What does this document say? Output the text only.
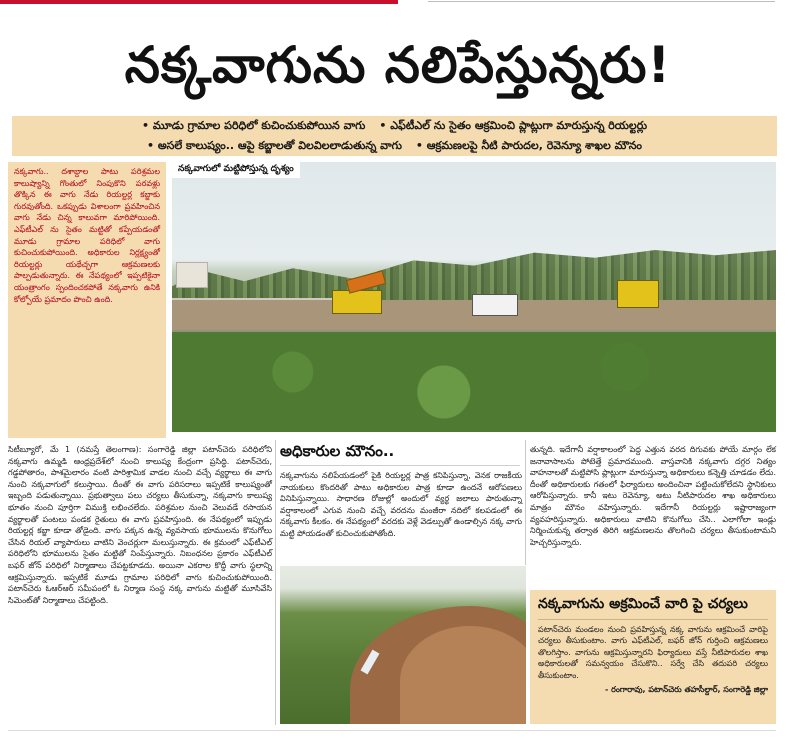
నక్కవాగును నలిపేస్తున్నరు!
• మూడు గ్రామాల పరిధిలో కుచించుకుపోయిన వాగు • ఎఫ్‌టీఎల్ ను సైతం ఆక్రమించి ప్లాట్లుగా మారుస్తున్న రియల్టర్లు
• అసలే కాలుష్యం.. ఆపై కబ్జాలతో విలవిలలాడుతున్న వాగు • ఆక్రమణలపై నీటి పారుదల, రెవెన్యూ శాఖల మౌనం

నక్కవాగు.. దశాబ్దాల పాటు పరిశ్రమల కాలుష్యాన్ని గొంతులో నింపుకొని పరవళ్లు తొక్కిన ఈ వాగు నేడు రియల్టర్ల కబ్జాకు గురవుతోంది. ఒకప్పుడు విశాలంగా ప్రవహించిన వాగు నేడు చిన్న కాలువగా మారిపోయింది. ఎఫ్‌టీఎల్ ను సైతం మట్టితో కప్పేయడంతో మూడు గ్రామాల పరిధిలో వాగు కుచించుకుపోయింది. అధికారుల నిర్లక్ష్యంతో రియల్టర్లు యథేచ్ఛగా ఆక్రమణలకు పాల్పడుతున్నారు. ఈ నేపథ్యంలో ఇప్పటికైనా యంత్రాంగం స్పందించకపోతే నక్కవాగు ఉనికి కోల్పోయే ప్రమాదం పొంచి ఉంది.

నక్కవాగులో మట్టిపోస్తున్న దృశ్యం

సిటీబ్యూరో, మే 1 (నమస్తే తెలంగాణ): సంగారెడ్డి జిల్లా పటాన్‌చెరు పరిధిలోని నక్కవాగు ఉమ్మడి ఆంధ్రప్రదేశ్‌లో నుంచి కాలుష్య కేంద్రంగా ప్రసిద్ధి. పటాన్‌చెరు, గడ్డపోతారం, పాశమైలారం వంటి పారిశ్రామిక వాడల నుంచి వచ్చే వ్యర్థాలు ఈ వాగు నుంచి నక్కవాగులో కలుస్తాయి. దీంతో ఈ వాగు పరిసరాలు ఇప్పటికే కాలుష్యంతో ఇబ్బంది పడుతున్నాయి. ప్రభుత్వాలు పలు చర్యలు తీసుకున్నా, నక్కవాగు కాలుష్య భూతం నుంచి పూర్తిగా విముక్తి లభించలేదు. పరిశ్రమల నుంచి వెలువడే రసాయన వ్యర్థాలతో పంటలు పండక రైతులు ఈ వాగు ప్రవహిస్తుంది. ఈ నేపథ్యంలో ఇప్పుడు రియల్టర్ల కబ్జా కూడా తోడైంది. వాగు పక్కన ఉన్న వ్యవసాయ భూములను కొనుగోలు చేసిన రియల్ వ్యాపారులు వాటిని వెంచర్లుగా మలుస్తున్నారు. ఈ క్రమంలో ఎఫ్‌టీఎల్ పరిధిలోని భూములను సైతం మట్టితో నింపేస్తున్నారు. నిబంధనల ప్రకారం ఎఫ్‌టీఎల్ బఫర్ జోన్ పరిధిలో నిర్మాణాలు చేపట్టకూడదు. అయినా ఎకరాల కొద్దీ వాగు స్థలాన్ని ఆక్రమిస్తున్నారు. ఇప్పటికే మూడు గ్రామాల పరిధిలో వాగు కుచించుకుపోయింది. పటాన్‌చెరు ఓఆర్ఆర్ సమీపంలో ఓ నిర్మాణ సంస్థ నక్క వాగును మట్టితో మూసివేసి సిమెంట్‌తో నిర్మాణాలు చేపట్టింది.

అధికారుల మౌనం..

నక్కవాగును నలిపేయడంలో పైకి రియల్టర్ల పాత్ర కనిపిస్తున్నా, వెనక రాజకీయ నాయకులు కొందరితో పాటు అధికారుల పాత్ర కూడా ఉందనే ఆరోపణలు వినిపిస్తున్నాయి. సాధారణ రోజుల్లో అందులో వ్యర్థ జలాలు పారుతున్నా వర్షాకాలంలో ఎగువ నుంచి వచ్చే వరదను మంజీరా నదిలో కలపడంలో ఈ నక్కవాగు కీలకం. ఈ నేపథ్యంలో వరదకు వెళ్లే వెడల్పుతో ఉండాల్సిన నక్క వాగు మట్టి పోయడంతో కుచించుకుపోతోంది.

తున్నది. ఇదేగానీ వర్షాకాలంలో పెద్ద ఎత్తున వరద దిగువకు పోయే మార్గం లేక జనావాసాలను పోటెత్తే ప్రమాదముంది. వాస్తవానికి నక్కవాగు దగ్గర నిత్యం వాహనాలతో మట్టిపోసి ప్లాట్లుగా మారుస్తున్నా అధికారులు కన్నెత్తి చూడడం లేదు. దీంతో అధికారులకు గతంలో ఫిర్యాదులు అందించినా పట్టించుకోలేదని స్థానికులు ఆరోపిస్తున్నారు. కానీ ఇటు రెవెన్యూ, అటు నీటిపారుదల శాఖ అధికారులు మాత్రం మౌనం వహిస్తున్నారు. ఇదేగానీ రియల్టర్లు ఇష్టారాజ్యంగా వ్యవహరిస్తున్నారు. అధికారులు వాటిని కొనుగోలు చేసి.. ఎలాగోలా ఇండ్లు నిర్మించుకున్న తర్వాత తిరిగి ఆక్రమణలను తొలగించి చర్యలు తీసుకుంటామని హెచ్చరిస్తున్నారు.

నక్కవాగును అక్రమించే వారి పై చర్యలు

పటాన్‌చెరు మండలం నుంచి ప్రవహిస్తున్న నక్క వాగును ఆక్రమించే వారిపై చర్యలు తీసుకుంటాం. వాగు ఎఫ్‌టీఎల్, బఫర్ జోన్ గుర్తించి ఆక్రమణలు తొలగిస్తాం. వాగును ఆక్రమిస్తున్నారని ఫిర్యాదులు వస్తే నీటిపారుదల శాఖ అధికారులతో సమన్వయం చేసుకొని.. సర్వే చేసి తదుపరి చర్యలు తీసుకుంటాం.

- రంగారావు, పటాన్‌చెరు తహసీల్దార్, సంగారెడ్డి జిల్లా
